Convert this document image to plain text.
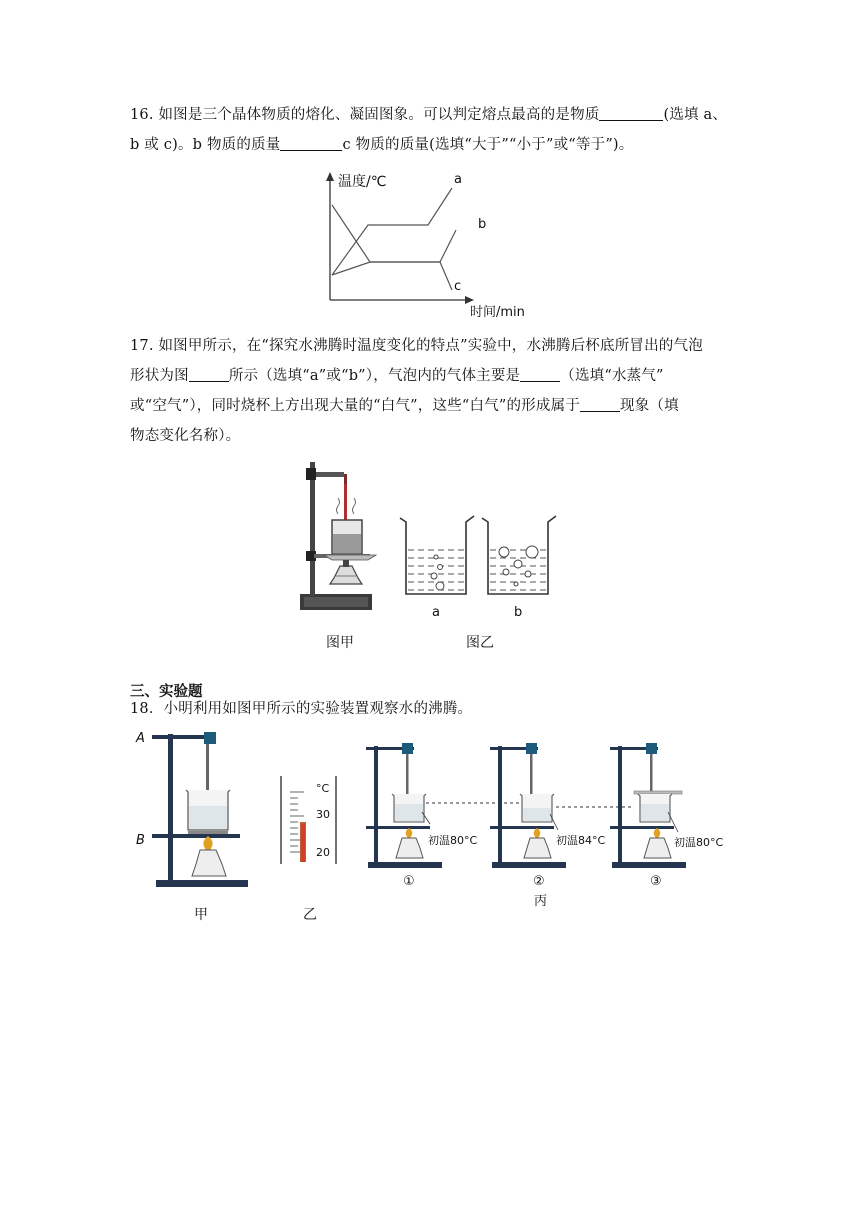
16. 如图是三个晶体物质的熔化、凝固图象。可以判定熔点最高的是物质	(选填 a、
b 或 c)。b 物质的质量	c 物质的质量(选填“大于”“小于”或“等于”)。
温度/℃
时间/min
a
b
c
17. 如图甲所示，在“探究水沸腾时温度变化的特点”实验中，水沸腾后杯底所冒出的气泡
形状为图	所示（选填“a”或“b”），气泡内的气体主要是	（选填“水蒸气”
或“空气”），同时烧杯上方出现大量的“白气”，这些“白气”的形成属于	现象（填
物态变化名称）。
图甲
a	b
图乙
三、实验题
18．小明利用如图甲所示的实验装置观察水的沸腾。
A
B
甲
°C
30
20
乙
初温80°C	初温84°C	初温80°C
①	②	③
丙
